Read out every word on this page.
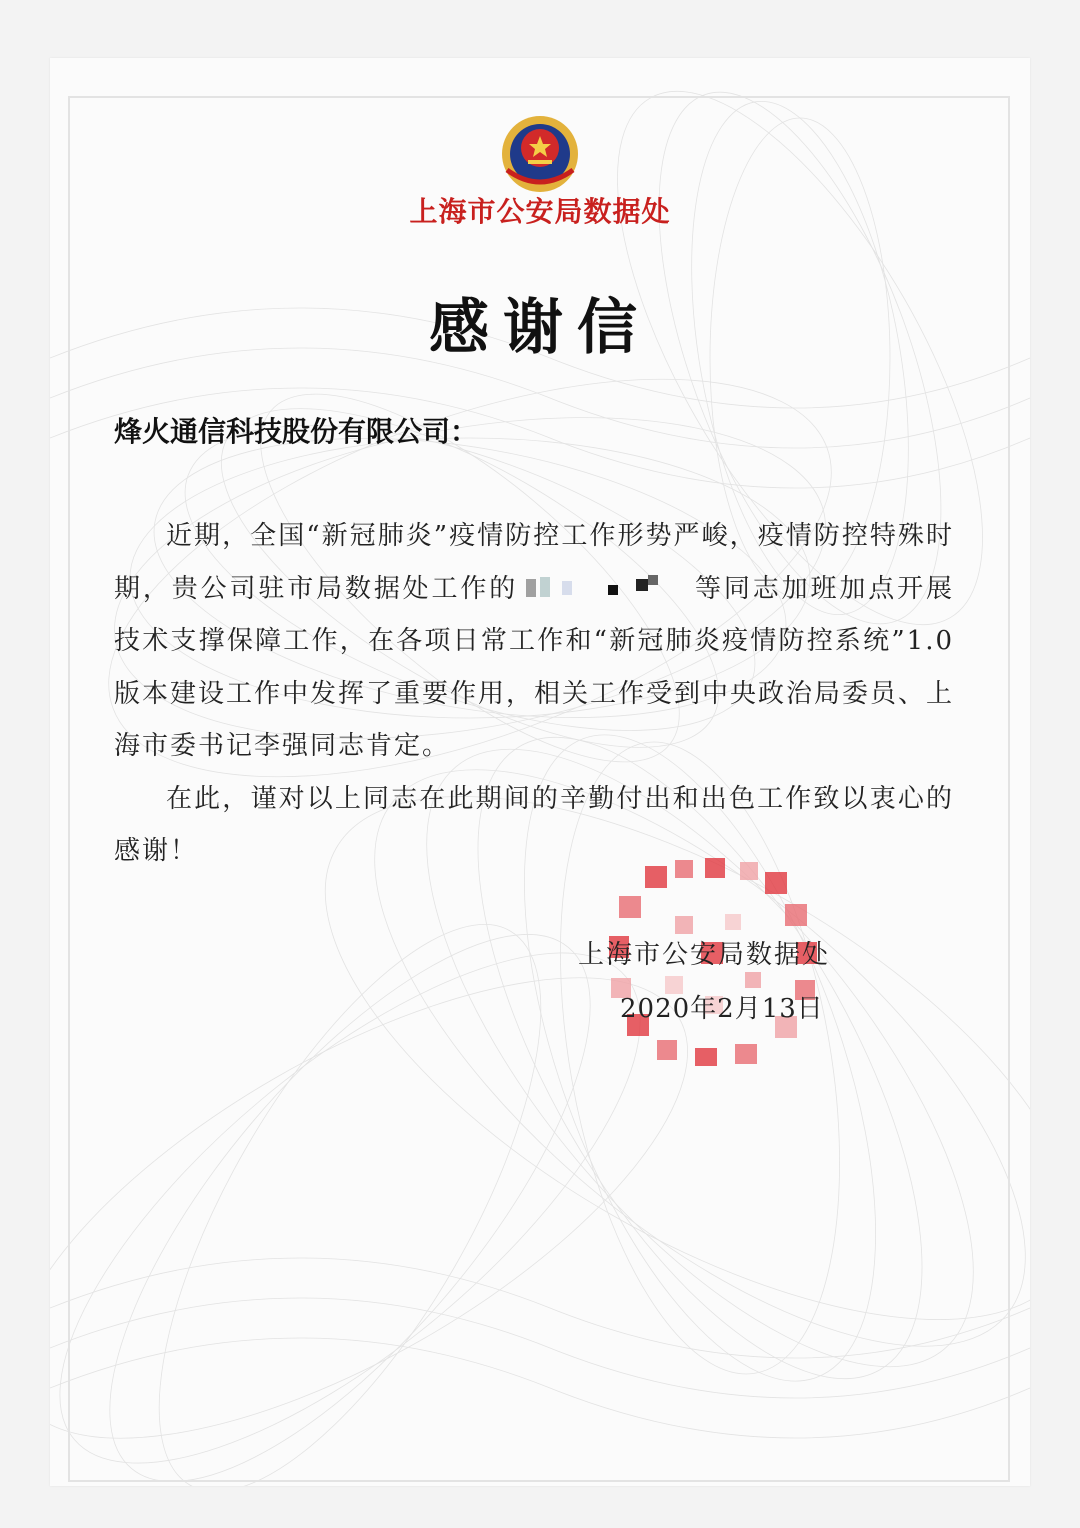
上海市公安局数据处
感谢信
烽火通信科技股份有限公司：

近期，全国“新冠肺炎”疫情防控工作形势严峻，疫情防控特殊时期，贵公司驻市局数据处工作的	等同志加班加点开展技术支撑保障工作，在各项日常工作和“新冠肺炎疫情防控系统”1.0版本建设工作中发挥了重要作用，相关工作受到中央政治局委员、上海市委书记李强同志肯定。

在此，谨对以上同志在此期间的辛勤付出和出色工作致以衷心的感谢！

上海市公安局数据处
2020年2月13日
